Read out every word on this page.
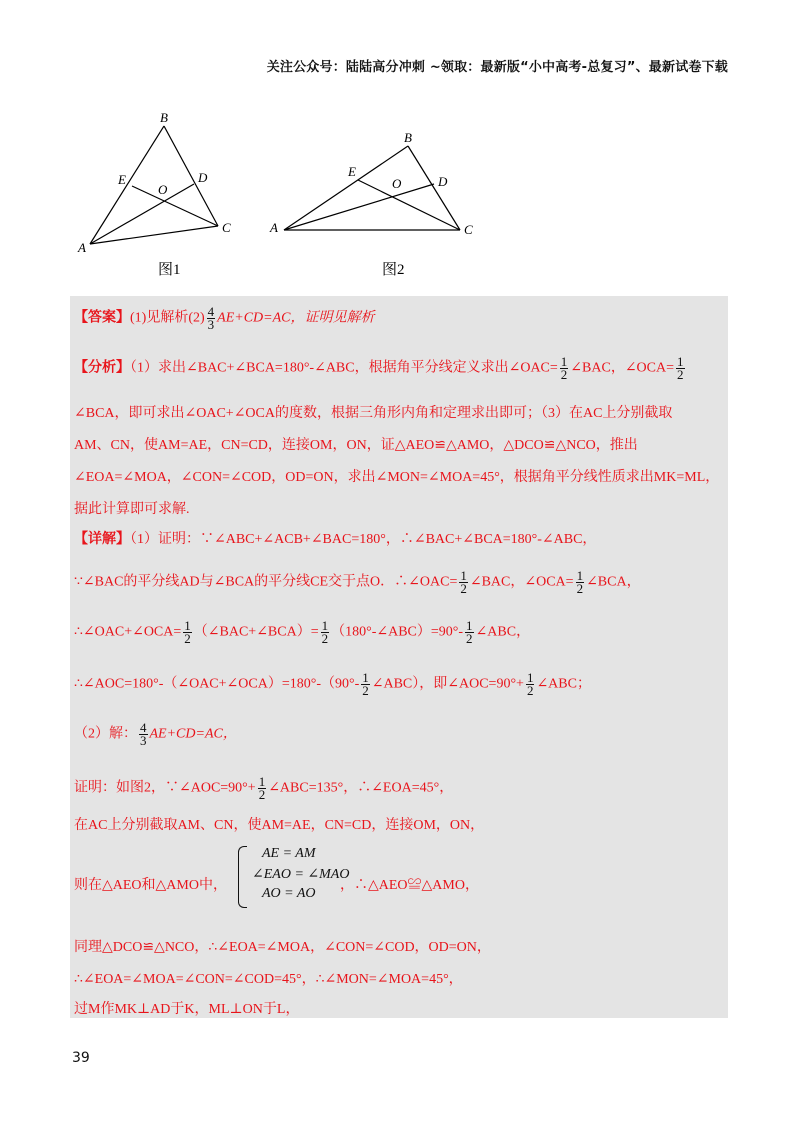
关注公众号：陆陆高分冲刺 ~领取：最新版“小中高考-总复习”、最新试卷下载
A
B
C
D
E
O
图1
A
B
C
D
E
O
图2
【答案】(1)见解析$(2) \frac{4}{3} AE+CD=AC$，证明见解析
【分析】（1）求出∠BAC+∠BCA=180°-∠ABC，根据角平分线定义求出∠OAC= $\frac{1}{2}$ ∠BAC，∠OCA= $\frac{1}{2}$
∠BCA，即可求出∠OAC+∠OCA的度数，根据三角形内角和定理求出即可；（3）在AC上分别截取
AM、CN，使AM=AE，CN=CD，连接OM，ON，证△AEO≌△AMO，△DCO≌△NCO，推出
∠EOA=∠MOA，∠CON=∠COD，OD=ON，求出∠MON=∠MOA=45°，根据角平分线性质求出MK=ML，
据此计算即可求解.
【详解】（1）证明：∵∠ABC+∠ACB+∠BAC=180°，∴∠BAC+∠BCA=180°-∠ABC，
∵∠BAC的平分线AD与∠BCA的平分线CE交于点O．∴∠OAC= $\frac{1}{2}$ ∠BAC，∠OCA= $\frac{1}{2}$ ∠BCA，
∴∠OAC+∠OCA= $\frac{1}{2}$ （∠BAC+∠BCA）= $\frac{1}{2}$ （180°-∠ABC）=90°- $\frac{1}{2}$ ∠ABC，
∴∠AOC=180°-（∠OAC+∠OCA）=180°-（90°- $\frac{1}{2}$ ∠ABC），即∠AOC=90°+ $\frac{1}{2}$ ∠ABC；
（2）解： $\frac{4}{3} AE+CD=AC$，
证明：如图2，∵∠AOC=90°+ $\frac{1}{2}$ ∠ABC=135°，∴∠EOA=45°，
在AC上分别截取AM、CN，使AM=AE，CN=CD，连接OM，ON，
则在△AEO和△AMO中，
AE = AM
∠EAO = ∠MAO
AO = AO
，∴△AEO≌△AMO，
同理△DCO≌△NCO，∴∠EOA=∠MOA，∠CON=∠COD，OD=ON，
∴∠EOA=∠MOA=∠CON=∠COD=45°，∴∠MON=∠MOA=45°，
过M作MK⊥AD于K，ML⊥ON于L，
39
